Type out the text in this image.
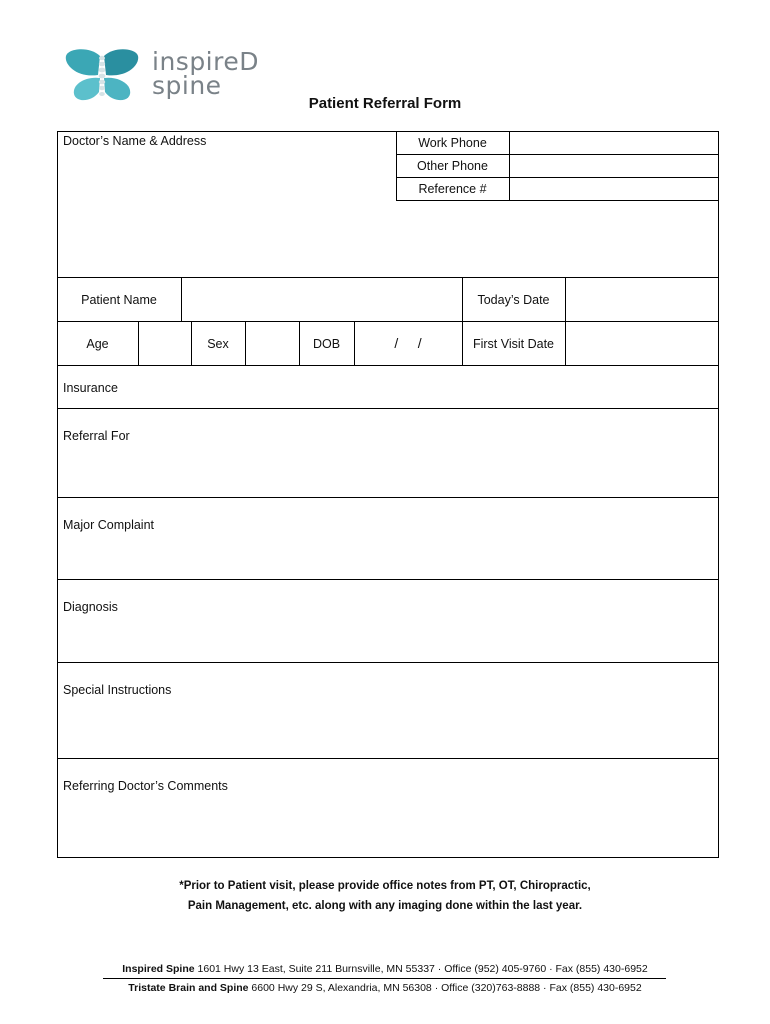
inspireD
spine
Patient Referral Form
Doctor’s Name & Address	Work Phone
Other Phone
Reference #
Patient Name	Today’s Date
Age	Sex	DOB	/     /	First Visit Date
Insurance
Referral For
Major Complaint
Diagnosis
Special Instructions
Referring Doctor’s Comments
*Prior to Patient visit, please provide office notes from PT, OT, Chiropractic,
Pain Management, etc. along with any imaging done within the last year.
Inspired Spine 1601 Hwy 13 East, Suite 211 Burnsville, MN 55337 · Office (952) 405-9760 · Fax (855) 430-6952
Tristate Brain and Spine 6600 Hwy 29 S, Alexandria, MN 56308 · Office (320)763-8888 · Fax (855) 430-6952
